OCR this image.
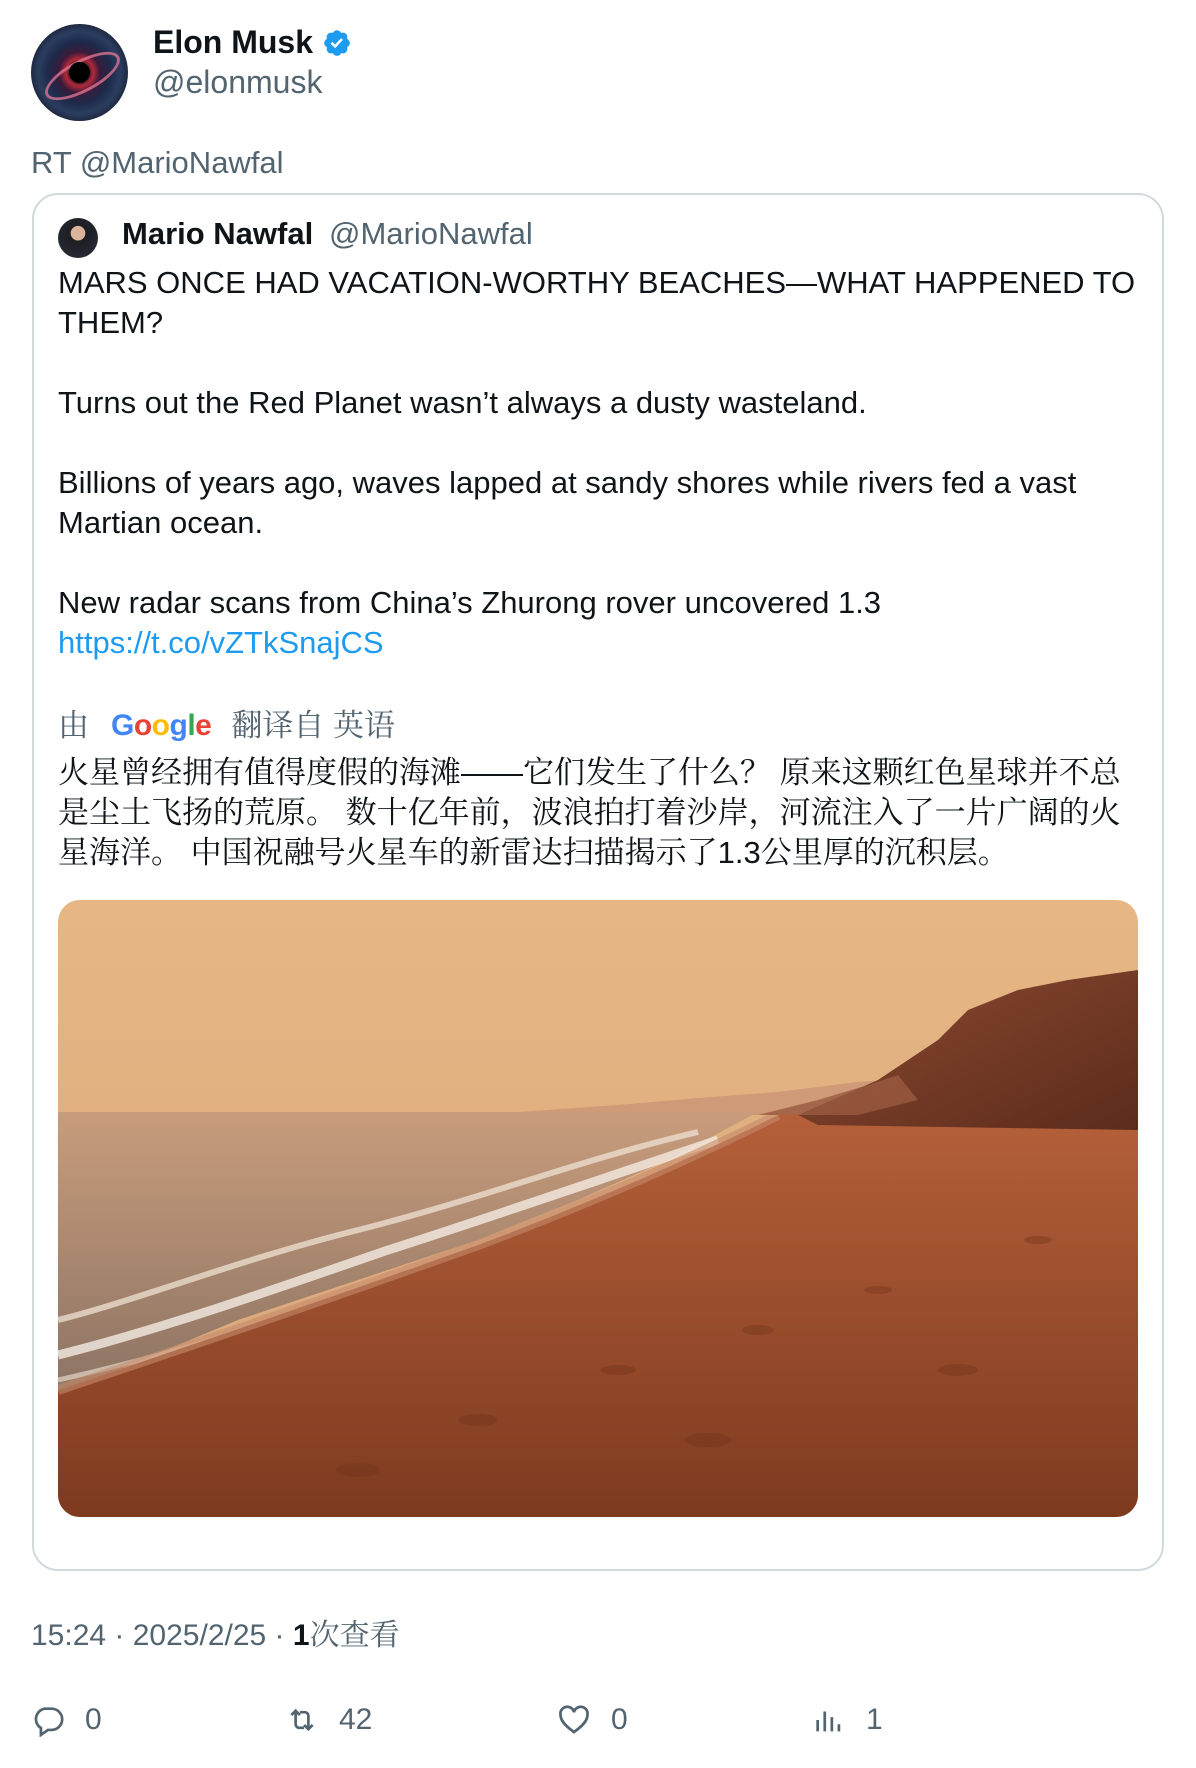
Elon Musk
@elonmusk
RT @MarioNawfal
Mario Nawfal @MarioNawfal

MARS ONCE HAD VACATION-WORTHY BEACHES—WHAT HAPPENED TO THEM?

Turns out the Red Planet wasn’t always a dusty wasteland.

Billions of years ago, waves lapped at sandy shores while rivers fed a vast Martian ocean.

New radar scans from China’s Zhurong rover uncovered 1.3
https://t.co/vZTkSnajCS

由 Google 翻译自 英语
火星曾经拥有值得度假的海滩——它们发生了什么？ 原来这颗红色星球并不总是尘土飞扬的荒原。 数十亿年前，波浪拍打着沙岸，河流注入了一片广阔的火星海洋。 中国祝融号火星车的新雷达扫描揭示了1.3公里厚的沉积层。
15:24 · 2025/2/25 · 1次查看
0	42	0	1
